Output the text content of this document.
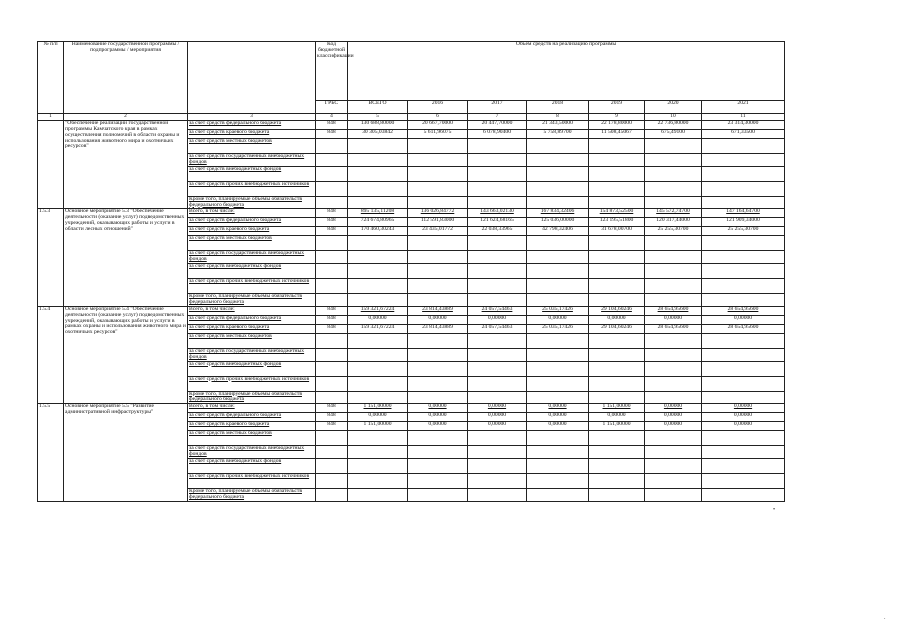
№ п/п	Наименование государственной программы / подпрограммы / мероприятия		Код бюджетной классификации	Объем средств на реализацию программы						
			ГРБС	ВСЕГО	2016	2017	2018	2019	2020	2021
1	2	3	4	5	6	7	8	9	10	11
	"Обеспечение реализации государственной программы Камчатского края в рамках осуществления полномочий в области охраны и использования животного мира и охотничьих ресурсов"	за счет средств федерального бюджета	848	130 688,80000	20 667,70000	20 447,70000	21 343,50000	22 178,80000	22 736,80000	23 314,30000
		за счет средств краевого бюджета	848	30 305,03842	5 611,96075	6 078,90400	5 758,89700	11 508,45067	675,49100	671,33500
		за счет средств местных бюджетов								
		за счет средств государственных внебюджетных фондов								
		за счет средств внебюджетных фондов								
		за счет средств прочих внебюджетных источников								
		Кроме того, планируемые объемы обязательств федерального бюджета								
1.5.3	Основное мероприятие 5.3 "Обеспечение деятельности (оказание услуг) подведомственных учреждений, оказывающих работы и услуги в области лесных отношений"	Всего, в том числе:	848	895 135,11208	136 026,84772	143 663,02130	167 834,32406	154 873,52500	145 572,74700	147 164,64700
		за счет средств федерального бюджета	848	724 674,80965	112 591,83000	121 624,68165	125 036,00000	123 195,51800	120 317,44000	121 909,34000
		за счет средств краевого бюджета	848	170 460,30243	23 435,01772	22 038,33965	42 798,32406	31 678,00700	25 255,30700	25 255,30700
		за счет средств местных бюджетов								
		за счет средств государственных внебюджетных фондов								
		за счет средств внебюджетных фондов								
		за счет средств прочих внебюджетных источников								
		Кроме того, планируемые объемы обязательств федерального бюджета								
1.5.4	Основное мероприятие 5.4 "Обеспечение деятельности (оказание услуг) подведомственных учреждений, оказывающих работы и услуги в рамках охраны и использования животного мира и охотничьих ресурсов"	Всего, в том числе:	848	159 321,67224	23 814,43889	24 057,54463	25 035,17426	29 104,60246	28 654,95600	28 654,95600
		за счет средств федерального бюджета	848	0,00000	0,00000	0,00000	0,00000	0,00000	0,00000	0,00000
		за счет средств краевого бюджета	848	159 321,67224	23 814,43889	24 057,54463	25 035,17426	29 104,60246	28 654,95600	28 654,95600
		за счет средств местных бюджетов								
		за счет средств государственных внебюджетных фондов								
		за счет средств внебюджетных фондов								
		за счет средств прочих внебюджетных источников								
		Кроме того, планируемые объемы обязательств федерального бюджета								
1.5.5	Основное мероприятие 5.5 "Развитие административной инфраструктуры"	Всего, в том числе:	848	1 151,00000	0,00000	0,00000	0,00000	1 151,00000	0,00000	0,00000
		за счет средств федерального бюджета	848	0,00000	0,00000	0,00000	0,00000	0,00000	0,00000	0,00000
		за счет средств краевого бюджета	848	1 151,00000	0,00000	0,00000	0,00000	1 151,00000	0,00000	0,00000
		за счет средств местных бюджетов								
		за счет средств государственных внебюджетных фондов								
		за счет средств внебюджетных фондов								
		за счет средств прочих внебюджетных источников								
		Кроме того, планируемые объемы обязательств федерального бюджета								
•
.
